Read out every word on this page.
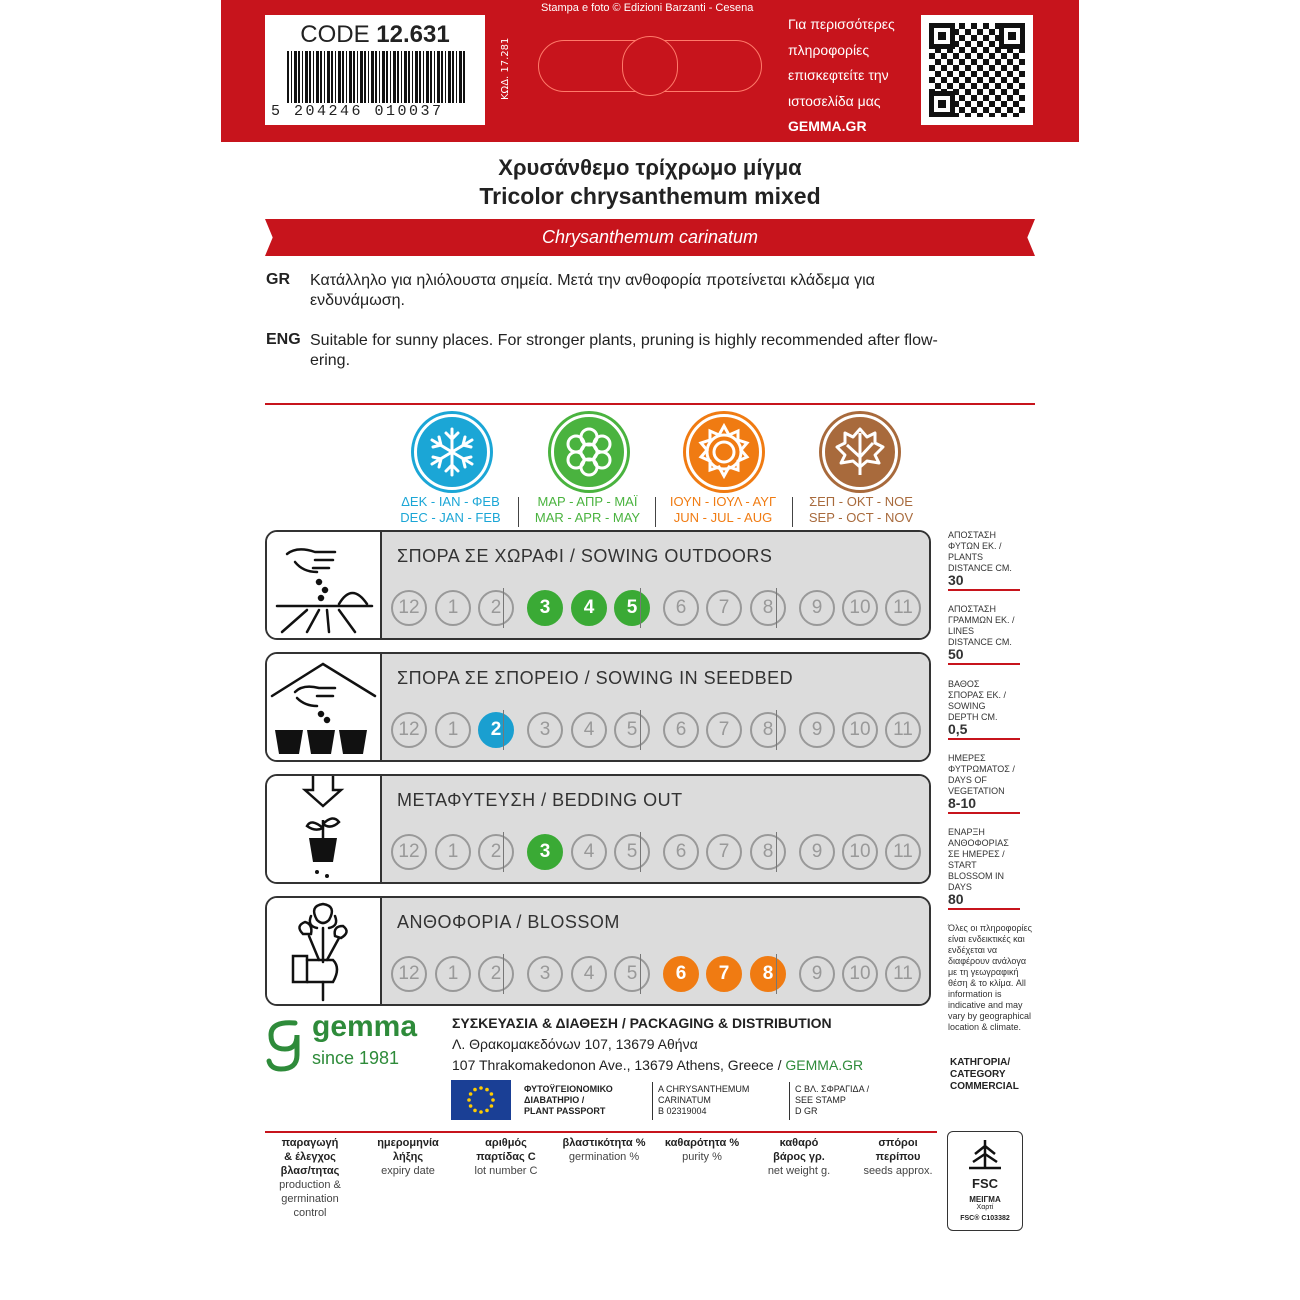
CODE 12.631
5 204246 010037
ΚΩΔ. 17.281
Stampa e foto © Edizioni Barzanti - Cesena
Για περισσότερες
πληροφορίες
επισκεφτείτε την
ιστοσελίδα μας
GEMMA.GR
Χρυσάνθεμο τρίχρωμο μίγμα
Tricolor chrysanthemum mixed
Chrysanthemum carinatum
GR Κατάλληλο για ηλιόλουστα σημεία. Μετά την ανθοφορία προτείνεται κλάδεμα για
ενδυνάμωση.
ENG Suitable for sunny places. For stronger plants, pruning is highly recommended after flow-
ering.
ΔΕΚ - ΙΑΝ - ΦΕΒ
DEC - JAN - FEB
ΜΑΡ - ΑΠΡ - ΜΑΪ
MAR - APR - MAY
ΙΟΥΝ - ΙΟΥΛ - ΑΥΓ
JUN - JUL - AUG
ΣΕΠ - ΟΚΤ - ΝΟΕ
SEP - OCT - NOV
ΣΠΟΡΑ ΣΕ ΧΩΡΑΦΙ / SOWING OUTDOORS
12	1	2	3	4	5	6	7	8	9	10	11
ΣΠΟΡΑ ΣΕ ΣΠΟΡΕΙΟ / SOWING IN SEEDBED
12	1	2	3	4	5	6	7	8	9	10	11
ΜΕΤΑΦΥΤΕΥΣΗ / BEDDING OUT
12	1	2	3	4	5	6	7	8	9	10	11
ΑΝΘΟΦΟΡΙΑ / BLOSSOM
12	1	2	3	4	5	6	7	8	9	10	11
ΑΠΟΣΤΑΣΗ
ΦΥΤΩΝ ΕΚ. /
PLANTS
DISTANCE CM.
30
ΑΠΟΣΤΑΣΗ
ΓΡΑΜΜΩΝ ΕΚ. /
LINES
DISTANCE CM.
50
ΒΑΘΟΣ
ΣΠΟΡΑΣ ΕΚ. /
SOWING
DEPTH CM.
0,5
ΗΜΕΡΕΣ
ΦΥΤΡΩΜΑΤΟΣ /
DAYS OF
VEGETATION
8-10
ΕΝΑΡΞΗ
ΑΝΘΟΦΟΡΙΑΣ
ΣΕ ΗΜΕΡΕΣ /
START BLOSSOM IN DAYS
80
Όλες οι πληροφορίες είναι ενδεικτικές και ενδέχεται να διαφέρουν ανάλογα με τη γεωγραφική θέση & το κλίμα. All information is indicative and may vary by geographical location & climate.
ΚΑΤΗΓΟΡΙΑ/
CATEGORY
COMMERCIAL
gemma
since 1981
ΣΥΣΚΕΥΑΣΙΑ & ΔΙΑΘΕΣΗ / PACKAGING & DISTRIBUTION
Λ. Θρακομακεδόνων 107, 13679 Αθήνα
107 Thrakomakedonon Ave., 13679 Athens, Greece / GEMMA.GR
ΦΥΤΟΫΓΕΙΟΝΟΜΙΚΟ
ΔΙΑΒΑΤΗΡΙΟ /
PLANT PASSPORT
A CHRYSANTHEMUM
CARINATUM
B 02319004
C ΒΛ. ΣΦΡΑΓΙΔΑ /
SEE STAMP
D GR
παραγωγή
& έλεγχος
βλασ/τητας
production &
germination
control
ημερομηνία
λήξης
expiry date
αριθμός
παρτίδας C
lot number C
βλαστικότητα %
germination %
καθαρότητα %
purity %
καθαρό
βάρος γρ.
net weight g.
σπόροι
περίπου
seeds approx.
FSC
ΜΕΙΓΜΑ
Χαρτί
FSC® C103382
